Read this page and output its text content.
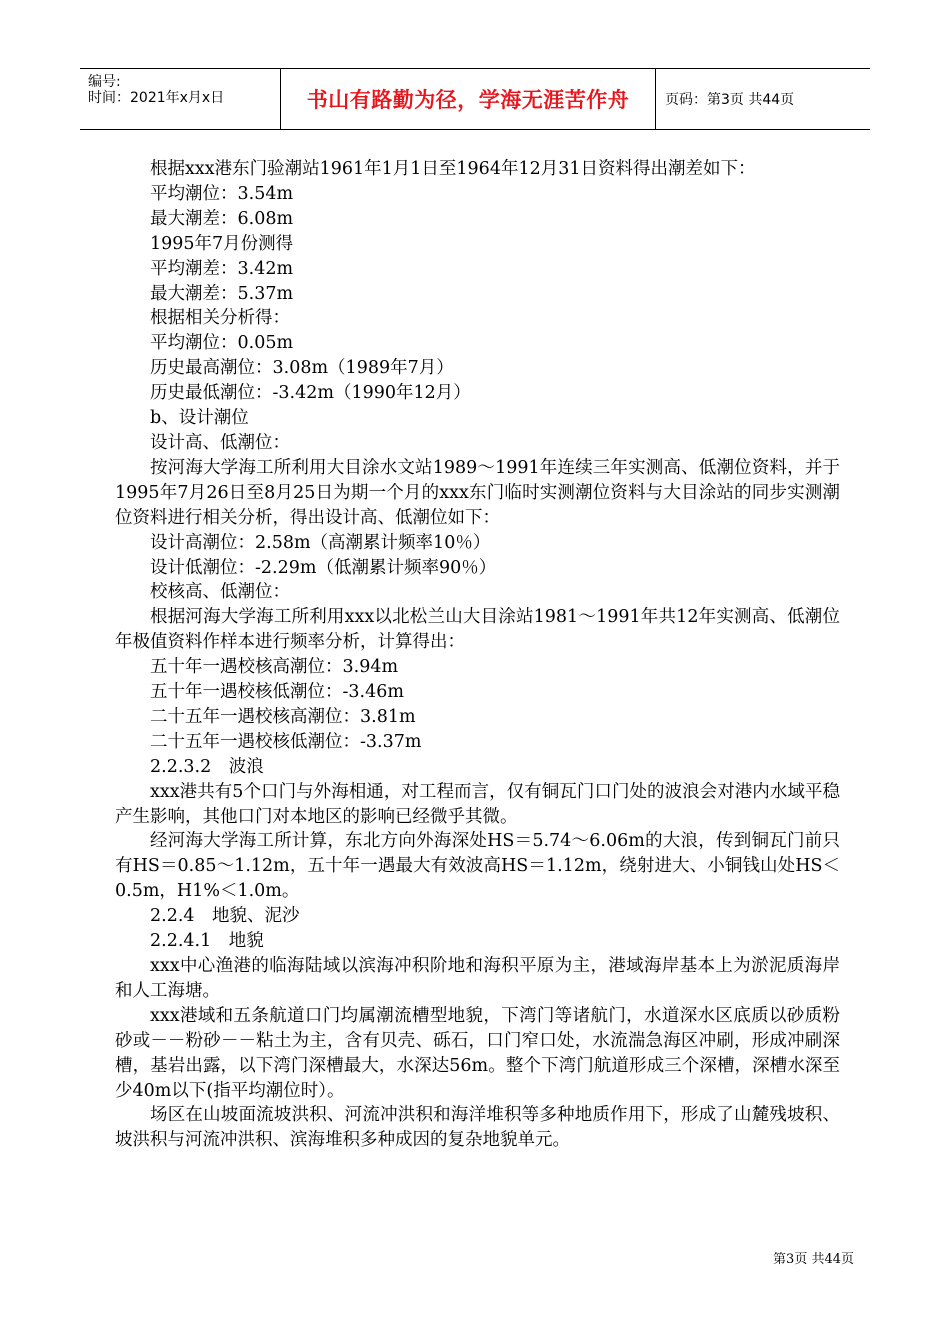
编号:
时间：2021年x月x日	书山有路勤为径，学海无涯苦作舟	页码：第3页 共44页

根据xxx港东门验潮站1961年1月1日至1964年12月31日资料得出潮差如下：

平均潮位：3.54m

最大潮差：6.08m

1995年7月份测得

平均潮差：3.42m

最大潮差：5.37m

根据相关分析得：

平均潮位：0.05m

历史最高潮位：3.08m（1989年7月）

历史最低潮位：-3.42m（1990年12月）

b、设计潮位

设计高、低潮位：

按河海大学海工所利用大目涂水文站1989～1991年连续三年实测高、低潮位资料，并于1995年7月26日至8月25日为期一个月的xxx东门临时实测潮位资料与大目涂站的同步实测潮位资料进行相关分析，得出设计高、低潮位如下：

设计高潮位：2.58m（高潮累计频率10％）

设计低潮位：-2.29m（低潮累计频率90％）

校核高、低潮位：

根据河海大学海工所利用xxx以北松兰山大目涂站1981～1991年共12年实测高、低潮位年极值资料作样本进行频率分析，计算得出：

五十年一遇校核高潮位：3.94m

五十年一遇校核低潮位：-3.46m

二十五年一遇校核高潮位：3.81m

二十五年一遇校核低潮位：-3.37m

2.2.3.2　波浪

xxx港共有5个口门与外海相通，对工程而言，仅有铜瓦门口门处的波浪会对港内水域平稳产生影响，其他口门对本地区的影响已经微乎其微。

经河海大学海工所计算，东北方向外海深处HS＝5.74～6.06m的大浪，传到铜瓦门前只有HS＝0.85～1.12m，五十年一遇最大有效波高HS＝1.12m，绕射进大、小铜钱山处HS＜0.5m，H1%＜1.0m。

2.2.4　地貌、泥沙

2.2.4.1　地貌

xxx中心渔港的临海陆域以滨海冲积阶地和海积平原为主，港域海岸基本上为淤泥质海岸和人工海塘。

xxx港域和五条航道口门均属潮流槽型地貌，下湾门等诸航门，水道深水区底质以砂质粉砂或－－粉砂－－粘土为主，含有贝壳、砾石，口门窄口处，水流湍急海区冲刷，形成冲刷深槽，基岩出露，以下湾门深槽最大，水深达56m。整个下湾门航道形成三个深槽，深槽水深至少40m以下(指平均潮位时）。

场区在山坡面流坡洪积、河流冲洪积和海洋堆积等多种地质作用下，形成了山麓残坡积、坡洪积与河流冲洪积、滨海堆积多种成因的复杂地貌单元。

第3页 共44页
